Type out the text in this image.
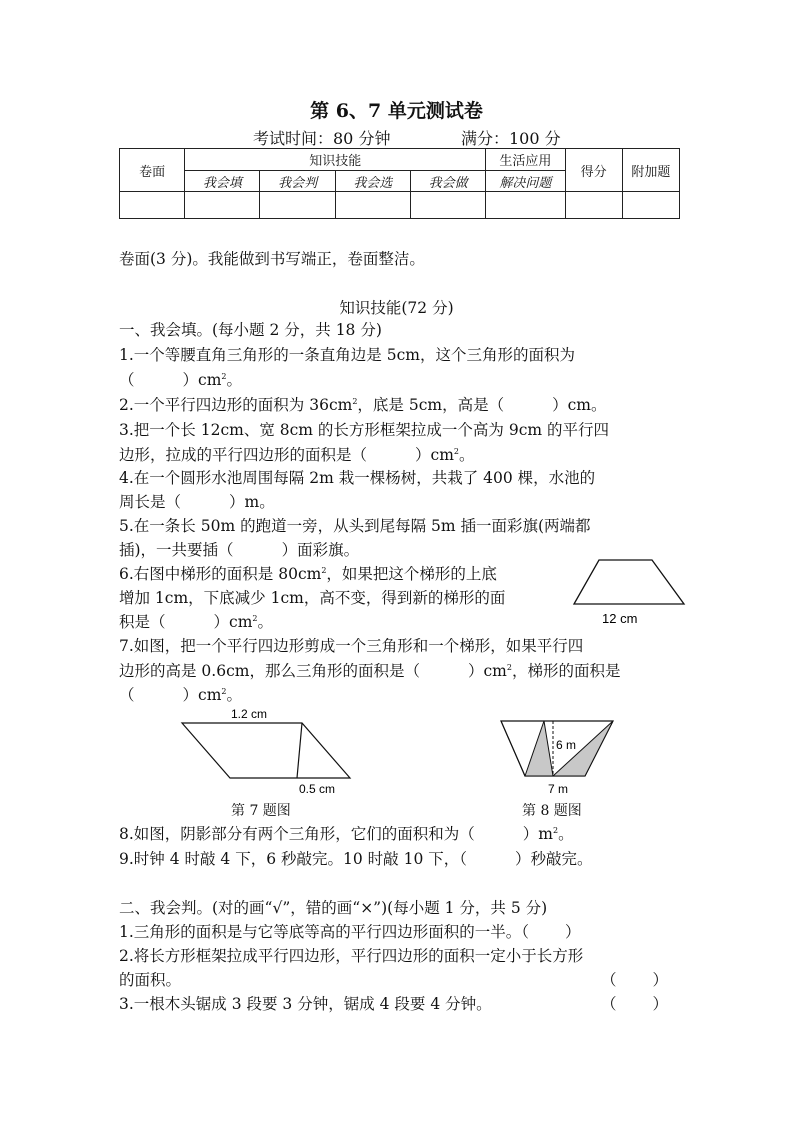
第 6、7 单元测试卷
考试时间：80 分钟	满分：100 分
卷面	知识技能				生活应用	得分	附加题
	我会填	我会判	我会选	我会做	解决问题		

卷面(3 分)。我能做到书写端正，卷面整洁。
知识技能(72 分)
一、我会填。(每小题 2 分，共 18 分)
1.一个等腰直角三角形的一条直角边是 5cm，这个三角形的面积为
（	）$cm^2$。
2.一个平行四边形的面积为 $36cm^2$，底是 5cm，高是（	）cm。
3.把一个长 12cm、宽 8cm 的长方形框架拉成一个高为 9cm 的平行四
边形，拉成的平行四边形的面积是（	）$cm^2$。
4.在一个圆形水池周围每隔 2m 栽一棵杨树，共栽了 400 棵，水池的
周长是（	）m。
5.在一条长 50m 的跑道一旁，从头到尾每隔 5m 插一面彩旗(两端都
插)，一共要插（	）面彩旗。
6.右图中梯形的面积是 $80cm^2$，如果把这个梯形的上底
增加 1cm，下底减少 1cm，高不变，得到新的梯形的面
积是（	）$cm^2$。	12 cm
7.如图，把一个平行四边形剪成一个三角形和一个梯形，如果平行四
边形的高是 0.6cm，那么三角形的面积是（	）$cm^2$，梯形的面积是
（	）$cm^2$。
1.2 cm
0.5 cm
第 7 题图
6 m
7 m
第 8 题图
8.如图，阴影部分有两个三角形，它们的面积和为（	）$m^2$。
9.时钟 4 时敲 4 下，6 秒敲完。10 时敲 10 下，（	）秒敲完。
二、我会判。(对的画“√”，错的画“×”)(每小题 1 分，共 5 分)
1.三角形的面积是与它等底等高的平行四边形面积的一半。（ ）
2.将长方形框架拉成平行四边形，平行四边形的面积一定小于长方形
的面积。	（ ）
3.一根木头锯成 3 段要 3 分钟，锯成 4 段要 4 分钟。	（ ）
